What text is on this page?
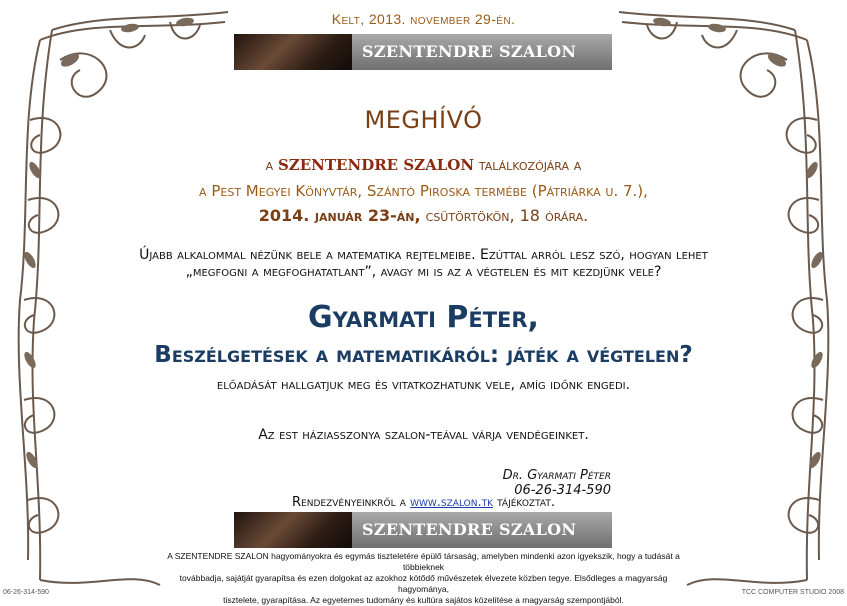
Kelt, 2013. november 29-én.
SZENTENDRE SZALON
MEGHÍVÓ
a SZENTENDRE SZALON találkozójára a
a Pest Megyei Könyvtár, Szántó Piroska termébe (Pátriárka u. 7.),
2014. január 23-án, csütörtökön, 18 órára.
Újabb alkalommal nézünk bele a matematika rejtelmeibe. Ezúttal arról lesz szó, hogyan lehet
„megfogni a megfoghatatlant”, avagy mi is az a végtelen és mit kezdjünk vele?
Gyarmati Péter,
Beszélgetések a matematikáról: játék a végtelen?
előadását hallgatjuk meg és vitatkozhatunk vele, amíg időnk engedi.
Az est háziasszonya szalon-teával várja vendégeinket.
Dr. Gyarmati Péter
06-26-314-590
Rendezvényeinkről a www.szalon.tk tájékoztat.
SZENTENDRE SZALON
A SZENTENDRE SZALON hagyományokra és egymás tiszteletére épülő társaság, amelyben mindenki azon igyekszik, hogy a tudását a többieknek
továbbadja, sajátját gyarapítsa és ezen dolgokat az azokhoz kötődő művészetek élvezete közben tegye. Elsődleges a magyarság hagyománya,
tisztelete, gyarapítása. Az egyetemes tudomány és kultúra sajátos közelítése a magyarság szempontjából.
06-26-314-590	TCC COMPUTER STUDIO 2008
